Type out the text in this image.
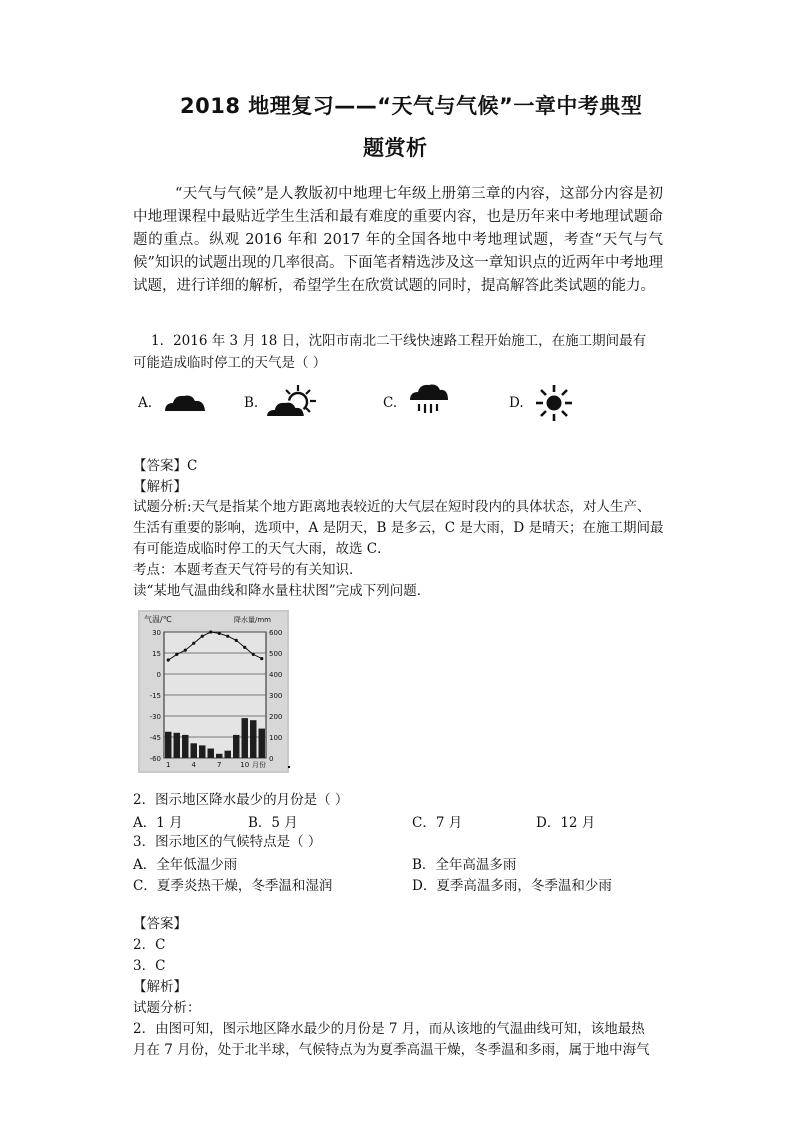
2018 地理复习——“天气与气候”一章中考典型
题赏析
“天气与气候”是人教版初中地理七年级上册第三章的内容，这部分内容是初中地理课程中最贴近学生生活和最有难度的重要内容，也是历年来中考地理试题命题的重点。纵观 2016 年和 2017 年的全国各地中考地理试题，考查“天气与气候”知识的试题出现的几率很高。下面笔者精选涉及这一章知识点的近两年中考地理试题，进行详细的解析，希望学生在欣赏试题的同时，提高解答此类试题的能力。
1．2016 年 3 月 18 日，沈阳市南北二干线快速路工程开始施工，在施工期间最有
可能造成临时停工的天气是（ ）
A.	B.	C.	D.
【答案】C
【解析】
试题分析:天气是指某个地方距离地表较近的大气层在短时段内的具体状态，对人生产、
生活有重要的影响，选项中，A 是阴天，B 是多云，C 是大雨，D 是晴天；在施工期间最
有可能造成临时停工的天气大雨，故选 C．
考点：本题考查天气符号的有关知识．
读“某地气温曲线和降水量柱状图”完成下列问题．
气温/℃	降水量/mm
30	600
15	500
0	400
-15	300
-30	200
-45	100
-60	0
1	4	7	10 月份
2．图示地区降水最少的月份是（ ）
A．1 月	B．5 月	C．7 月	D．12 月
3．图示地区的气候特点是（ ）
A．全年低温少雨	B．全年高温多雨
C．夏季炎热干燥，冬季温和湿润	D．夏季高温多雨，冬季温和少雨
【答案】
2．C
3．C
【解析】
试题分析：
2．由图可知，图示地区降水最少的月份是 7 月，而从该地的气温曲线可知，该地最热
月在 7 月份，处于北半球，气候特点为为夏季高温干燥，冬季温和多雨，属于地中海气
